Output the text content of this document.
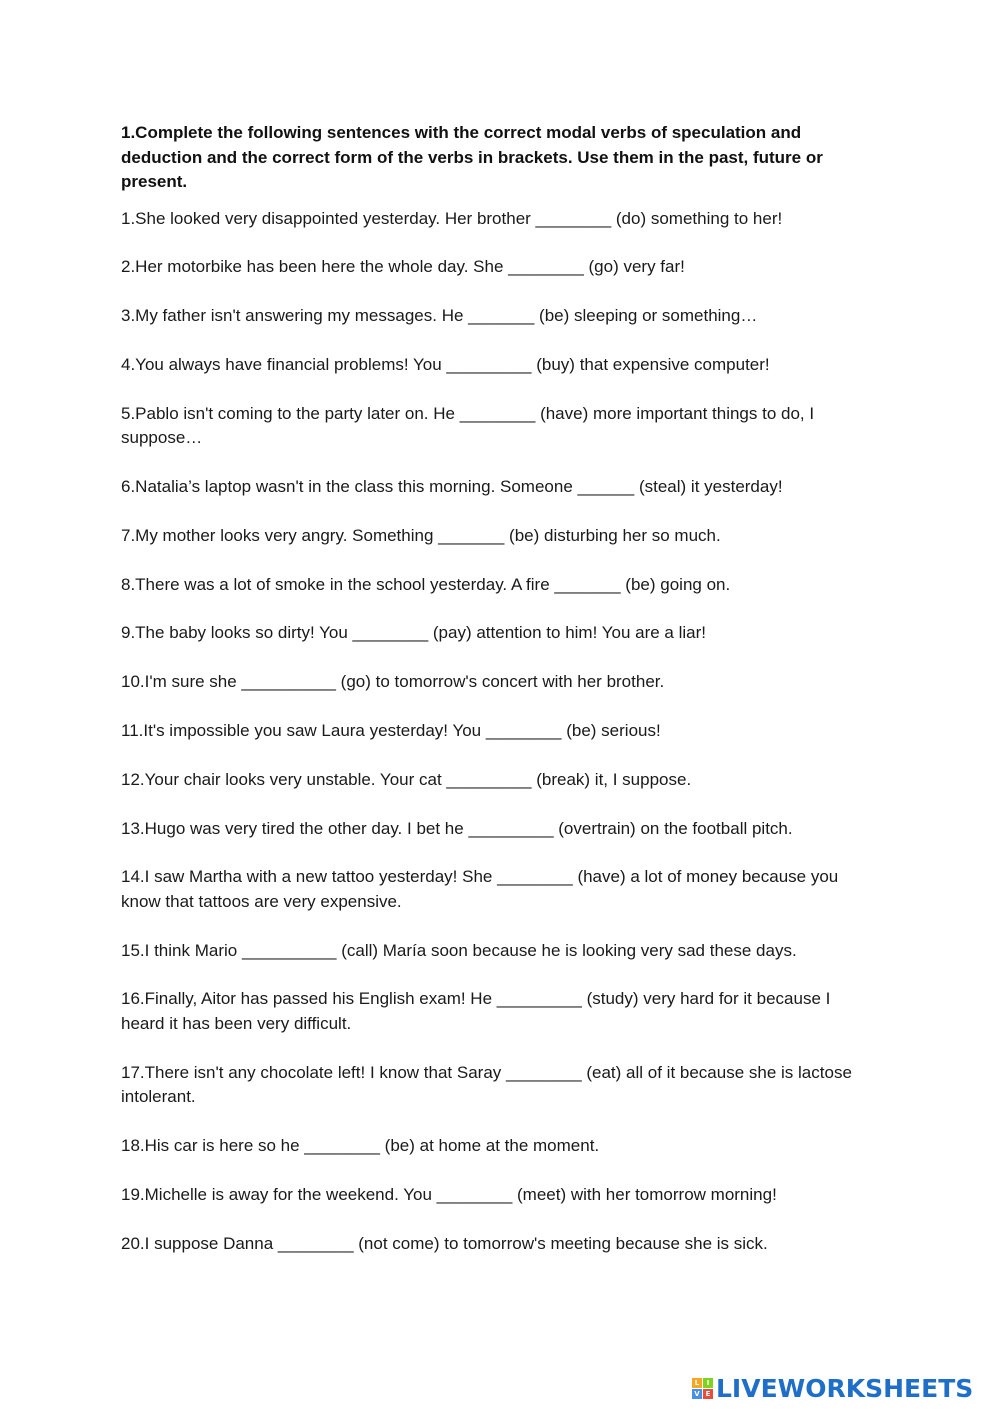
1.Complete the following sentences with the correct modal verbs of speculation and deduction and the correct form of the verbs in brackets. Use them in the past, future or present.

1.She looked very disappointed yesterday. Her brother ________ (do) something to her!
2.Her motorbike has been here the whole day. She ________ (go) very far!
3.My father isn't answering my messages. He _______ (be) sleeping or something…
4.You always have financial problems! You _________ (buy) that expensive computer!
5.Pablo isn't coming to the party later on. He ________ (have) more important things to do, I suppose…
6.Natalia’s laptop wasn't in the class this morning. Someone ______ (steal) it yesterday!
7.My mother looks very angry. Something _______ (be) disturbing her so much.
8.There was a lot of smoke in the school yesterday. A fire _______ (be) going on.
9.The baby looks so dirty! You ________ (pay) attention to him! You are a liar!
10.I'm sure she __________ (go) to tomorrow's concert with her brother.
11.It's impossible you saw Laura yesterday! You ________ (be) serious!
12.Your chair looks very unstable. Your cat _________ (break) it, I suppose.
13.Hugo was very tired the other day. I bet he _________ (overtrain) on the football pitch.
14.I saw Martha with a new tattoo yesterday! She ________ (have) a lot of money because you know that tattoos are very expensive.
15.I think Mario __________ (call) María soon because he is looking very sad these days.
16.Finally, Aitor has passed his English exam! He _________ (study) very hard for it because I heard it has been very difficult.
17.There isn't any chocolate left! I know that Saray ________ (eat) all of it because she is lactose intolerant.
18.His car is here so he ________ (be) at home at the moment.
19.Michelle is away for the weekend. You ________ (meet) with her tomorrow morning!
20.I suppose Danna ________ (not come) to tomorrow's meeting because she is sick.
L	I
V E LIVEWORKSHEETS
